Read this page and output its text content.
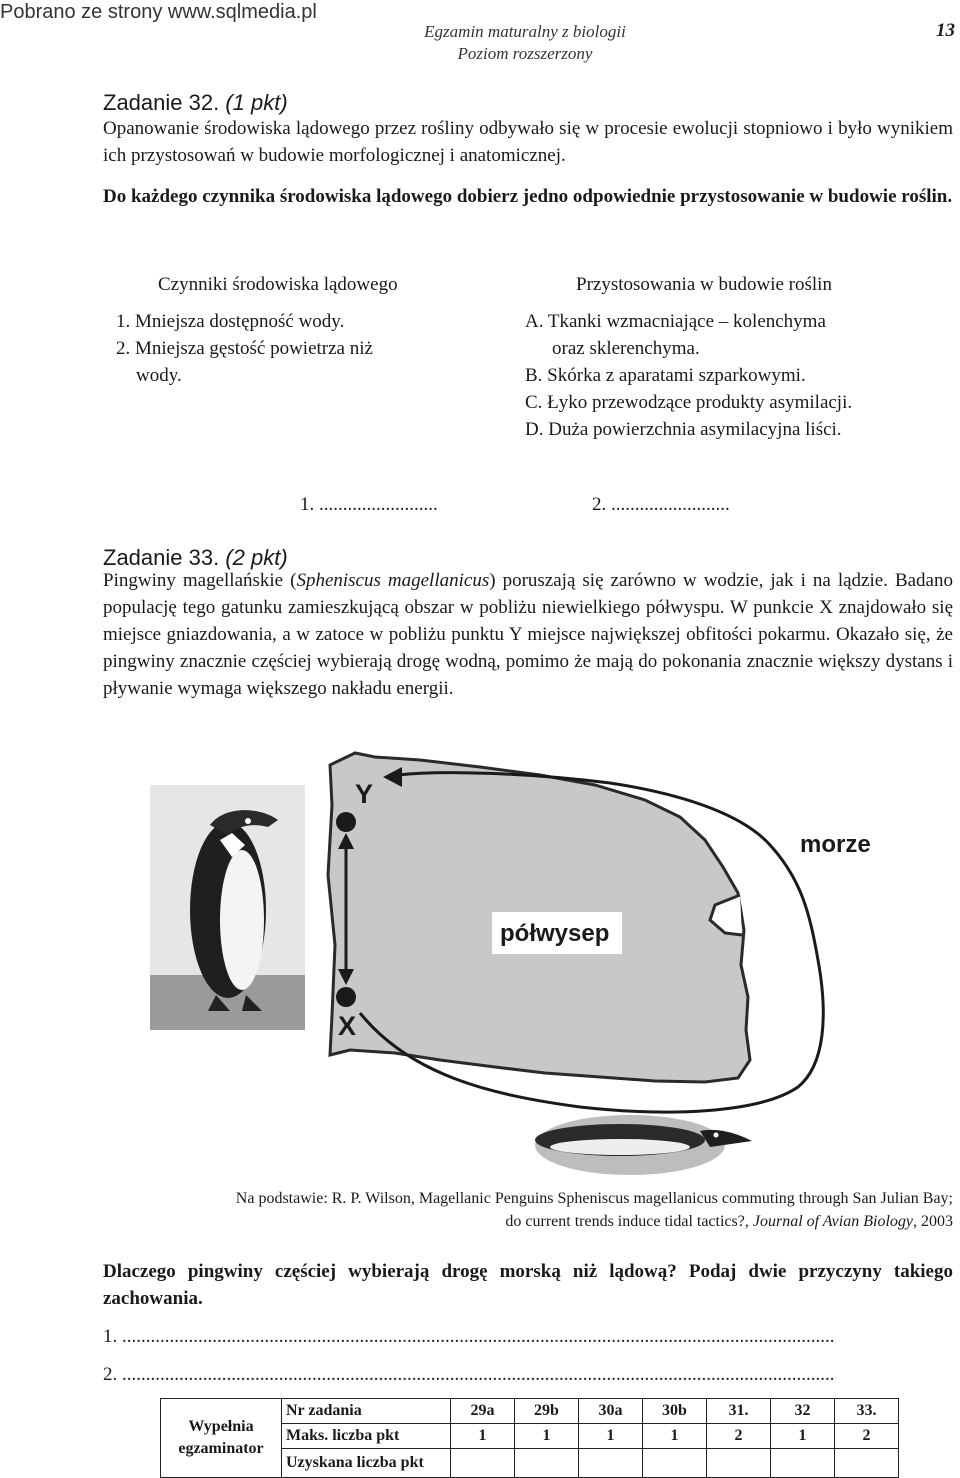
Pobrano ze strony www.sqlmedia.pl
Egzamin maturalny z biologii
Poziom rozszerzony
13
Zadanie 32. (1 pkt)
Opanowanie środowiska lądowego przez rośliny odbywało się w procesie ewolucji stopniowo i było wynikiem ich przystosowań w budowie morfologicznej i anatomicznej.
Do każdego czynnika środowiska lądowego dobierz jedno odpowiednie przystosowanie w budowie roślin.
Czynniki środowiska lądowego	Przystosowania w budowie roślin
1. Mniejsza dostępność wody.
2. Mniejsza gęstość powietrza niż
wody.
A. Tkanki wzmacniające – kolenchyma
oraz sklerenchyma.
B. Skórka z aparatami szparkowymi.
C. Łyko przewodzące produkty asymilacji.
D. Duża powierzchnia asymilacyjna liści.
1. .........................	2. .........................
Zadanie 33. (2 pkt)
Pingwiny magellańskie (Spheniscus magellanicus) poruszają się zarówno w wodzie, jak i na lądzie. Badano populację tego gatunku zamieszkującą obszar w pobliżu niewielkiego półwyspu. W punkcie X znajdowało się miejsce gniazdowania, a w zatoce w pobliżu punktu Y miejsce największej obfitości pokarmu. Okazało się, że pingwiny znacznie częściej wybierają drogę wodną, pomimo że mają do pokonania znacznie większy dystans i pływanie wymaga większego nakładu energii.
Y
X
morze
półwysep
Na podstawie: R. P. Wilson, Magellanic Penguins Spheniscus magellanicus commuting through San Julian Bay;
do current trends induce tidal tactics?, Journal of Avian Biology, 2003
Dlaczego pingwiny częściej wybierają drogę morską niż lądową? Podaj dwie przyczyny takiego zachowania.
1. ......................................................................................................................................................
2. ......................................................................................................................................................
Wypełnia
egzaminator	Nr zadania	29a	29b	30a	30b	31.	32	33.
	Maks. liczba pkt	1	1	1	1	2	1	2
	Uzyskana liczba pkt							
